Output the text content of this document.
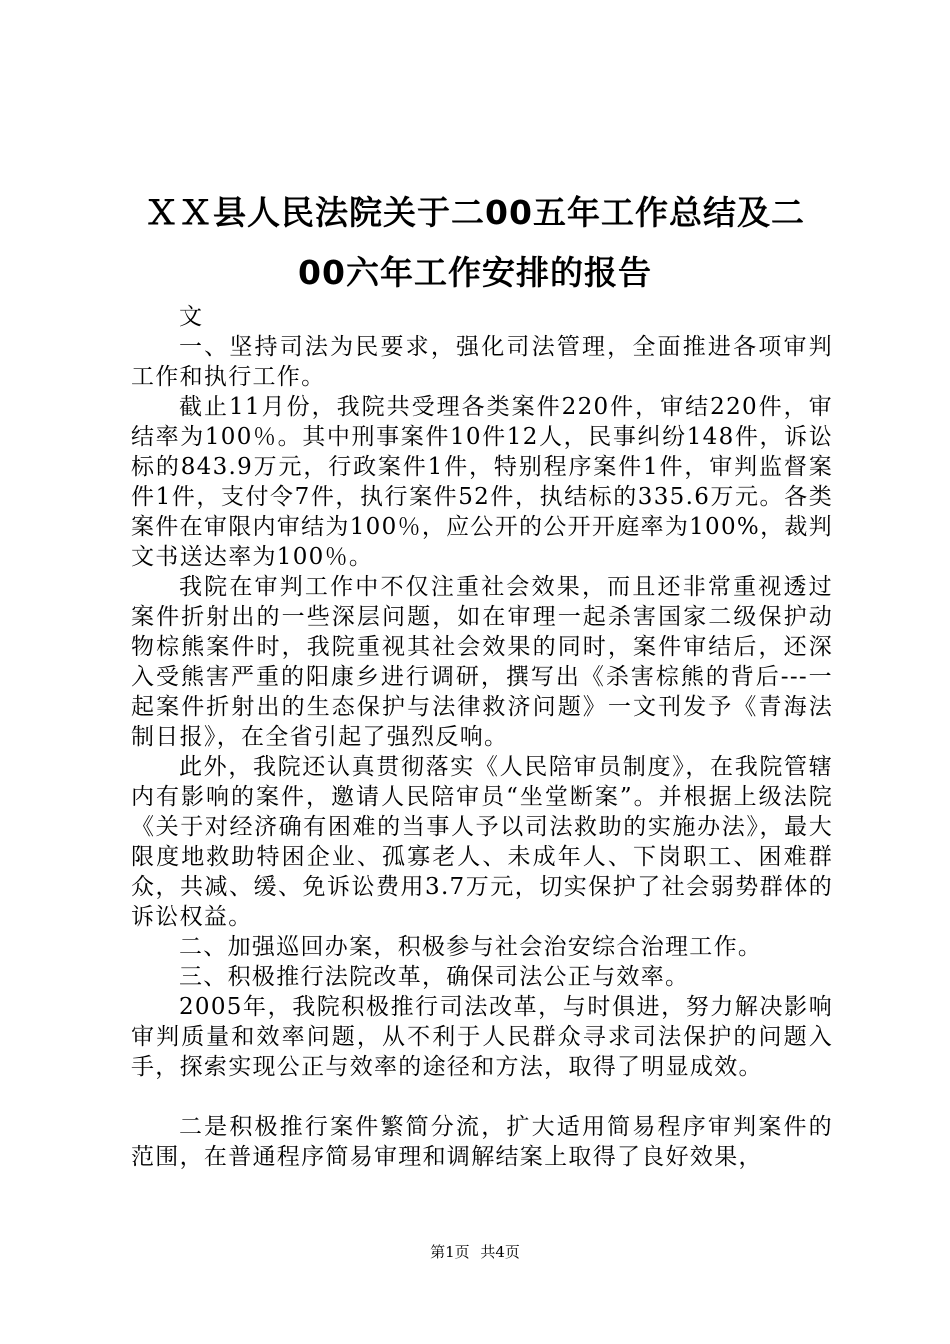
ＸＸ县人民法院关于二00五年工作总结及二
00六年工作安排的报告

文

一、坚持司法为民要求，强化司法管理，全面推进各项审判工作和执行工作。

截止11月份，我院共受理各类案件220件，审结220件，审结率为100％。其中刑事案件10件12人，民事纠纷148件，诉讼标的843.9万元，行政案件1件，特别程序案件1件，审判监督案件1件，支付令7件，执行案件52件，执结标的335.6万元。各类案件在审限内审结为100％，应公开的公开开庭率为100%，裁判文书送达率为100％。

我院在审判工作中不仅注重社会效果，而且还非常重视透过案件折射出的一些深层问题，如在审理一起杀害国家二级保护动物棕熊案件时，我院重视其社会效果的同时，案件审结后，还深入受熊害严重的阳康乡进行调研，撰写出《杀害棕熊的背后---一起案件折射出的生态保护与法律救济问题》一文刊发予《青海法制日报》，在全省引起了强烈反响。

此外，我院还认真贯彻落实《人民陪审员制度》，在我院管辖内有影响的案件，邀请人民陪审员“坐堂断案”。并根据上级法院《关于对经济确有困难的当事人予以司法救助的实施办法》，最大限度地救助特困企业、孤寡老人、未成年人、下岗职工、困难群众，共减、缓、免诉讼费用3.7万元，切实保护了社会弱势群体的诉讼权益。

二、加强巡回办案，积极参与社会治安综合治理工作。

三、积极推行法院改革，确保司法公正与效率。

2005年，我院积极推行司法改革，与时俱进，努力解决影响审判质量和效率问题，从不利于人民群众寻求司法保护的问题入手，探索实现公正与效率的途径和方法，取得了明显成效。

二是积极推行案件繁简分流，扩大适用简易程序审判案件的范围，在普通程序简易审理和调解结案上取得了良好效果，

第1页 共4页
